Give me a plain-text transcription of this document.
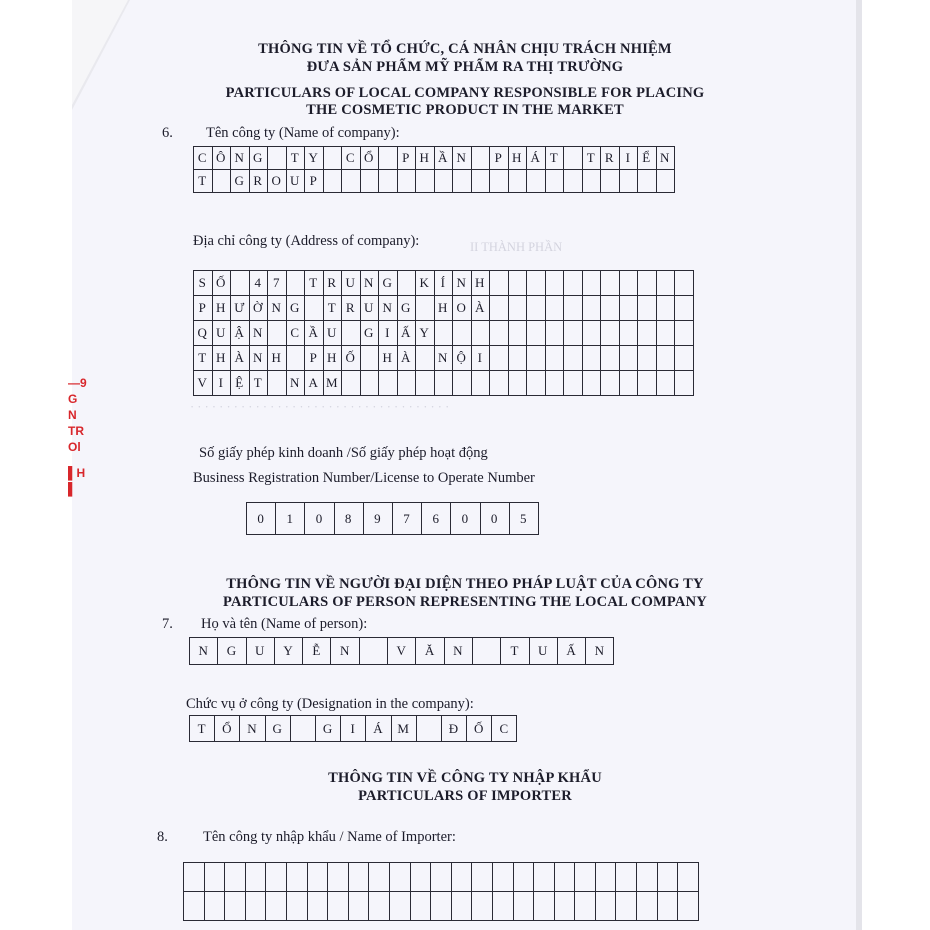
II THÀNH PHẦN
· · · · · · · · · · · · · · · · · · · · · · · · · · · · · · · · · · · ·
—9
G
N
TR
Ol
▌H
▌
THÔNG TIN VỀ TỔ CHỨC, CÁ NHÂN CHỊU TRÁCH NHIỆM
ĐƯA SẢN PHẨM MỸ PHẨM RA THỊ TRƯỜNG
PARTICULARS OF LOCAL COMPANY RESPONSIBLE FOR PLACING
THE COSMETIC PRODUCT IN THE MARKET
6. Tên công ty (Name of company):
C	Ô	N	G		T	Y		C	Ổ		P	H	Ầ	N		P	H	Á	T		T	R	I	Ể	N
T		G	R	O	U	P																			
Địa chỉ công ty (Address of company):
S	Ố		4	7		T	R	U	N	G		K	Í	N	H											
P	H	Ư	Ờ	N	G		T	R	U	N	G		H	O	À											
Q	U	Ậ	N		C	Ầ	U		G	I	Ấ	Y														
T	H	À	N	H		P	H	Ố		H	À		N	Ộ	I											
V	I	Ệ	T		N	A	M																			
Số giấy phép kinh doanh /Số giấy phép hoạt động
Business Registration Number/License to Operate Number
0	1	0	8	9	7	6	0	0	5
THÔNG TIN VỀ NGƯỜI ĐẠI DIỆN THEO PHÁP LUẬT CỦA CÔNG TY
PARTICULARS OF PERSON REPRESENTING THE LOCAL COMPANY
7. Họ và tên (Name of person):
N	G	U	Y	Ễ	N		V	Ă	N		T	U	Ấ	N
Chức vụ ở công ty (Designation in the company):
T	Ổ	N	G		G	I	Á	M		Đ	Ố	C
THÔNG TIN VỀ CÔNG TY NHẬP KHẨU
PARTICULARS OF IMPORTER
8. Tên công ty nhập khẩu / Name of Importer:
